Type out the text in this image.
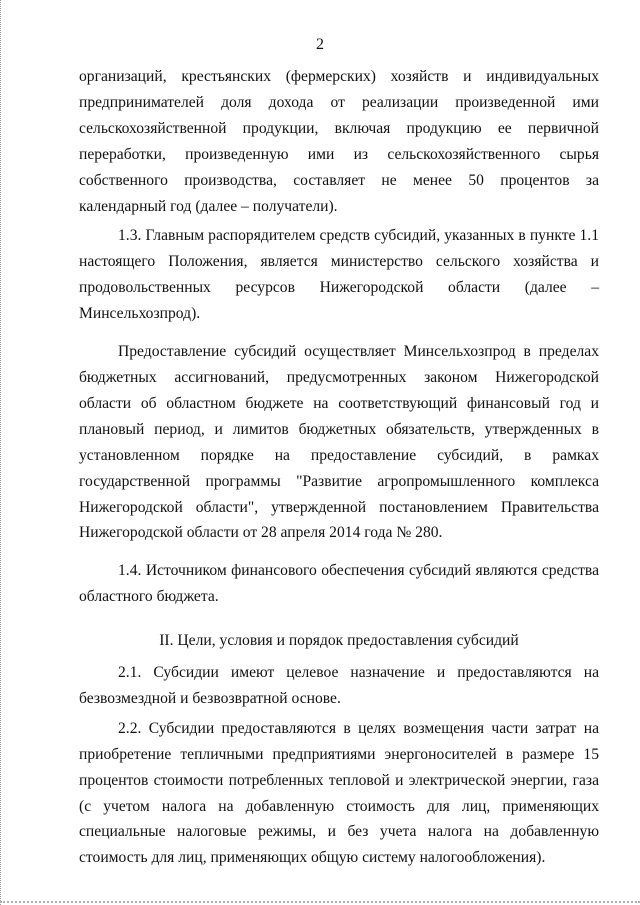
2

организаций, крестьянских (фермерских) хозяйств и индивидуальных предпринимателей доля дохода от реализации произведенной ими сельскохозяйственной продукции, включая продукцию ее первичной переработки, произведенную ими из сельскохозяйственного сырья собственного производства, составляет не менее 50 процентов за календарный год (далее – получатели).

1.3. Главным распорядителем средств субсидий, указанных в пункте 1.1 настоящего Положения, является министерство сельского хозяйства и продовольственных ресурсов Нижегородской области (далее – Минсельхозпрод).

Предоставление субсидий осуществляет Минсельхозпрод в пределах бюджетных ассигнований, предусмотренных законом Нижегородской области об областном бюджете на соответствующий финансовый год и плановый период, и лимитов бюджетных обязательств, утвержденных в установленном порядке на предоставление субсидий, в рамках государственной программы "Развитие агропромышленного комплекса Нижегородской области", утвержденной постановлением Правительства Нижегородской области от 28 апреля 2014 года № 280.

1.4. Источником финансового обеспечения субсидий являются средства областного бюджета.

II. Цели, условия и порядок предоставления субсидий

2.1. Субсидии имеют целевое назначение и предоставляются на безвозмездной и безвозвратной основе.

2.2. Субсидии предоставляются в целях возмещения части затрат на приобретение тепличными предприятиями энергоносителей в размере 15 процентов стоимости потребленных тепловой и электрической энергии, газа (с учетом налога на добавленную стоимость для лиц, применяющих специальные налоговые режимы, и без учета налога на добавленную стоимость для лиц, применяющих общую систему налогообложения).
